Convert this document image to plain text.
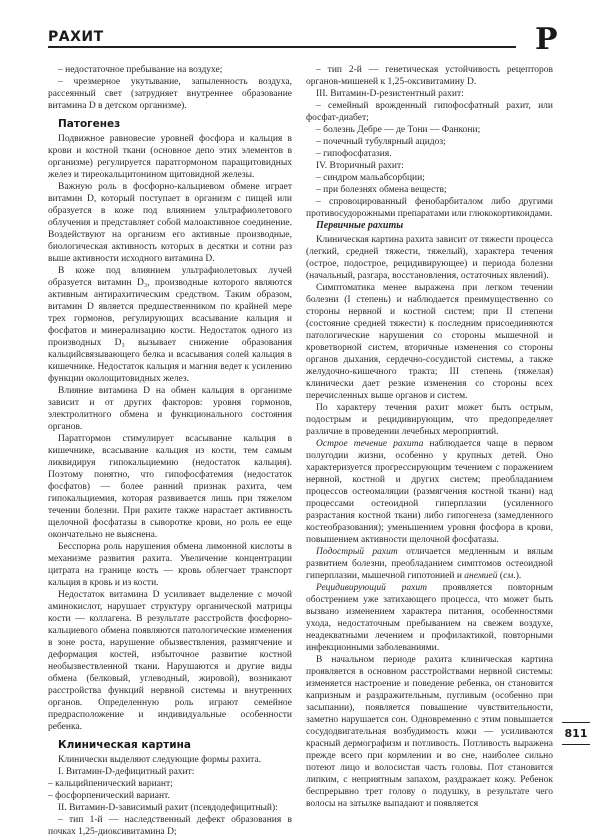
РАХИТ	Р

– недостаточное пребывание на воздухе;

– чрезмерное укутывание, запыленность воздуха, рассеянный свет (затрудняет внутреннее образование витамина D в детском организме).

Патогенез

Подвижное равновесие уровней фосфора и кальция в крови и костной ткани (основное депо этих элементов в организме) регулируется паратгормоном паращитовидных желез и тиреокальцитонином щитовидной железы.

Важную роль в фосфорно-кальциевом обмене играет витамин D, который поступает в организм с пищей или образуется в коже под влиянием ультрафиолетового облучения и представляет собой малоактивное соединение. Воздействуют на организм его активные производные, биологическая активность которых в десятки и сотни раз выше активности исходного витамина D.

В коже под влиянием ультрафиолетовых лучей образуется витамин D₃, производные которого являются активным антирахитическим средством. Таким образом, витамин D является предшественником по крайней мере трех гормонов, регулирующих всасывание кальция и фосфатов и минерализацию кости. Недостаток одного из производных D₃ вызывает снижение образования кальцийсвязывающего белка и всасывания солей кальция в кишечнике. Недостаток кальция и магния ведет к усилению функции околощитовидных желез.

Влияние витамина D на обмен кальция в организме зависит и от других факторов: уровня гормонов, электролитного обмена и функционального состояния органов.

Паратгормон стимулирует всасывание кальция в кишечнике, всасывание кальция из кости, тем самым ликвидируя гипокальциемию (недостаток кальция). Поэтому понятно, что гипофосфатемия (недостаток фосфатов) — более ранний признак рахита, чем гипокальциемия, которая развивается лишь при тяжелом течении болезни. При рахите также нарастает активность щелочной фосфатазы в сыворотке крови, но роль ее еще окончательно не выяснена.

Бесспорна роль нарушения обмена лимонной кислоты в механизме развития рахита. Увеличение концентрации цитрата на границе кость — кровь облегчает транспорт кальция в кровь и из кости.

Недостаток витамина D усиливает выделение с мочой аминокислот, нарушает структуру органической матрицы кости — коллагена. В результате расстройств фосфорно-кальциевого обмена появляются патологические изменения в зоне роста, нарушение обызвествления, размягчение и деформация костей, избыточное развитие костной необызвествленной ткани. Нарушаются и другие виды обмена (белковый, углеводный, жировой), возникают расстройства функций нервной системы и внутренних органов. Определенную роль играют семейное предрасположение и индивидуальные особенности ребенка.

Клиническая картина

Клинически выделяют следующие формы рахита.

I. Витамин-D-дефицитный рахит:

– кальцийпенический вариант;

– фосфорпенический вариант.

II. Витамин-D-зависимый рахит (псевдодефицитный):

– тип 1-й — наследственный дефект образования в почках 1,25-диоксивитамина D;

– тип 2-й — генетическая устойчивость рецепторов органов-мишеней к 1,25-оксивитамину D.

III. Витамин-D-резистентный рахит:

– семейный врожденный гипофосфатный рахит, или фосфат-диабет;

– болезнь Дебре — де Тони — Фанкони;

– почечный тубулярный ацидоз;

– гипофосфатазия.

IV. Вторичный рахит:

– синдром мальабсорбции;

– при болезнях обмена веществ;

– спровоцированный фенобарбиталом либо другими противосудорожными препаратами или глюкокортикоидами.

Первичные рахиты

Клиническая картина рахита зависит от тяжести процесса (легкий, средней тяжести, тяжелый), характера течения (острое, подострое, рецидивирующее) и периода болезни (начальный, разгара, восстановления, остаточных явлений).

Симптоматика менее выражена при легком течении болезни (I степень) и наблюдается преимущественно со стороны нервной и костной систем; при II степени (состояние средней тяжести) к последним присоединяются патологические нарушения со стороны мышечной и кроветворной систем, вторичные изменения со стороны органов дыхания, сердечно-сосудистой системы, а также желудочно-кишечного тракта; III степень (тяжелая) клинически дает резкие изменения со стороны всех перечисленных выше органов и систем.

По характеру течения рахит может быть острым, подострым и рецидивирующим, что предопределяет различие в проведении лечебных мероприятий.

Острое течение рахита наблюдается чаще в первом полугодии жизни, особенно у крупных детей. Оно характеризуется прогрессирующим течением с поражением нервной, костной и других систем; преобладанием процессов остеомаляции (размягчения костной ткани) над процессами остеоидной гиперплазии (усиленного разрастания костной ткани) либо гипогенеза (замедленного костеобразования); уменьшением уровня фосфора в крови, повышением активности щелочной фосфатазы.

Подострый рахит отличается медленным и вялым развитием болезни, преобладанием симптомов остеоидной гиперплазии, мышечной гипотонией и анемией (см.).

Рецидивирующий рахит проявляется повторным обострением уже затихающего процесса, что может быть вызвано изменением характера питания, особенностями ухода, недостаточным пребыванием на свежем воздухе, неадекватными лечением и профилактикой, повторными инфекционными заболеваниями.

В начальном периоде рахита клиническая картина проявляется в основном расстройствами нервной системы: изменяется настроение и поведение ребенка, он становится капризным и раздражительным, пугливым (особенно при засыпании), появляется повышение чувствительности, заметно нарушается сон. Одновременно с этим повышается сосудодвигательная возбудимость кожи — усиливаются красный дермографизм и потливость. Потливость выражена прежде всего при кормлении и во сне, наиболее сильно потеют лицо и волосистая часть головы. Пот становится липким, с неприятным запахом, раздражает кожу. Ребенок беспрерывно трет голову о подушку, в результате чего волосы на затылке выпадают и появляется

811
